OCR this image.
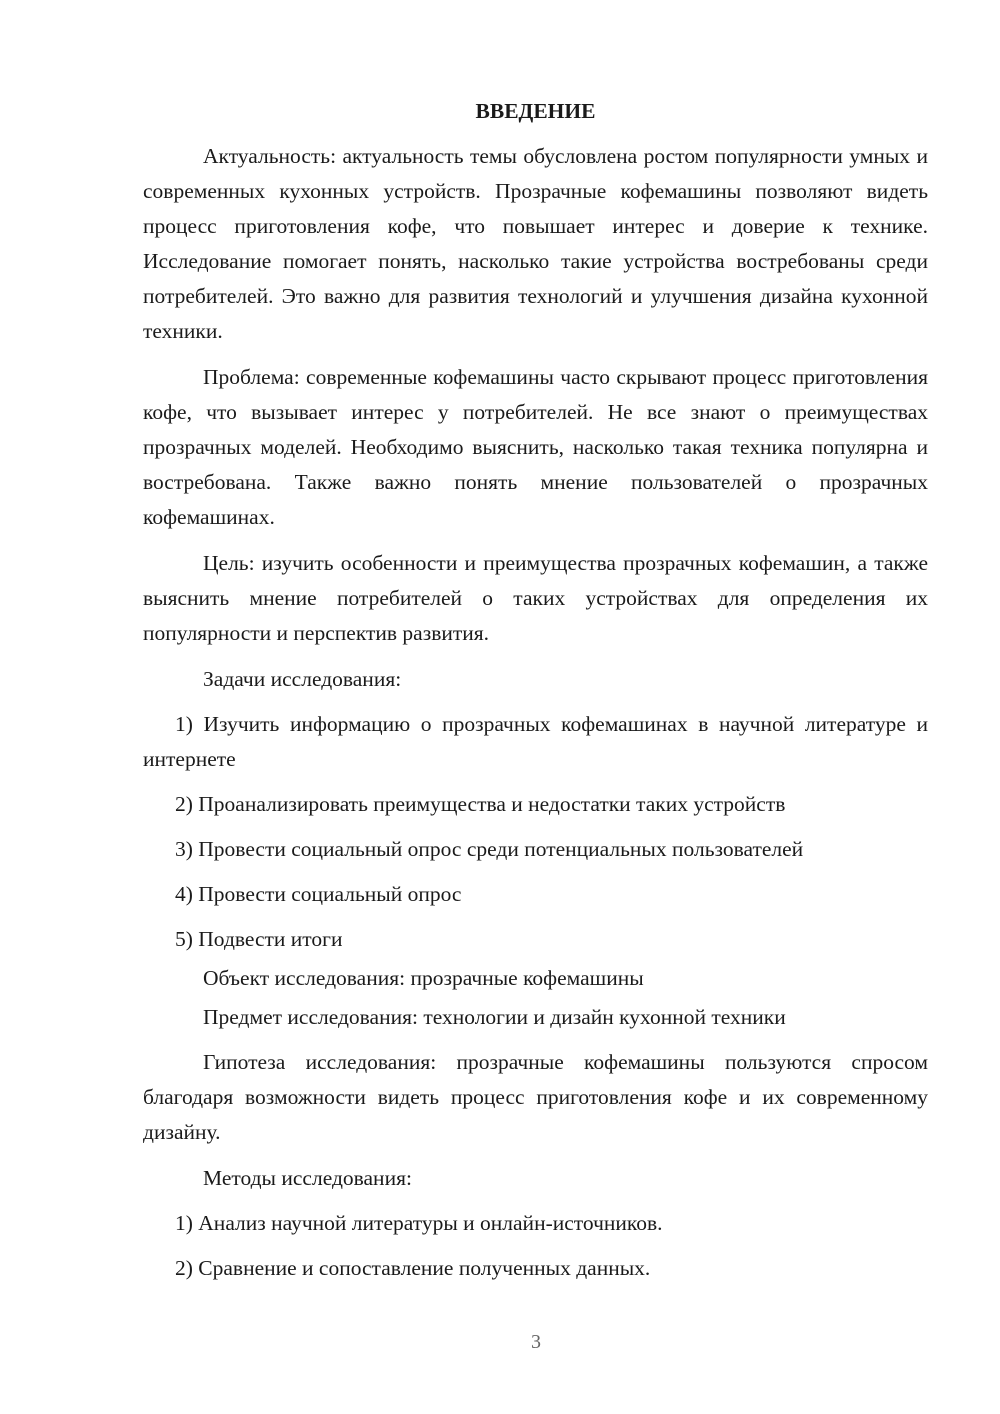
ВВЕДЕНИЕ

Актуальность: актуальность темы обусловлена ростом популярности умных и современных кухонных устройств. Прозрачные кофемашины позволяют видеть процесс приготовления кофе, что повышает интерес и доверие к технике. Исследование помогает понять, насколько такие устройства востребованы среди потребителей. Это важно для развития технологий и улучшения дизайна кухонной техники.

Проблема: современные кофемашины часто скрывают процесс приготовления кофе, что вызывает интерес у потребителей. Не все знают о преимуществах прозрачных моделей. Необходимо выяснить, насколько такая техника популярна и востребована. Также важно понять мнение пользователей о прозрачных кофемашинах.

Цель: изучить особенности и преимущества прозрачных кофемашин, а также выяснить мнение потребителей о таких устройствах для определения их популярности и перспектив развития.

Задачи исследования:

1) Изучить информацию о прозрачных кофемашинах в научной литературе и интернете

2) Проанализировать преимущества и недостатки таких устройств

3) Провести социальный опрос среди потенциальных пользователей

4) Провести социальный опрос

5) Подвести итоги

Объект исследования: прозрачные кофемашины

Предмет исследования: технологии и дизайн кухонной техники

Гипотеза исследования: прозрачные кофемашины пользуются спросом благодаря возможности видеть процесс приготовления кофе и их современному дизайну.

Методы исследования:

1) Анализ научной литературы и онлайн-источников.

2) Сравнение и сопоставление полученных данных.

3
